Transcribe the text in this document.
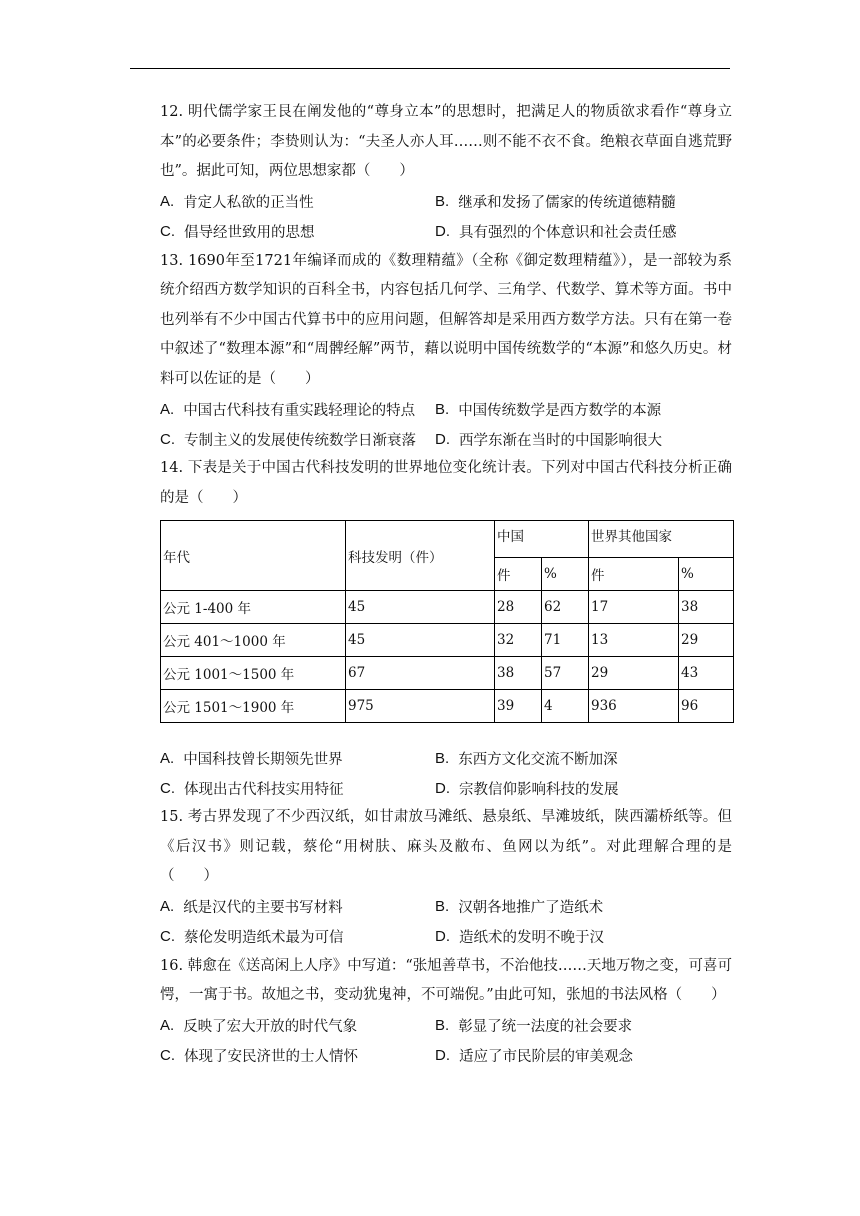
12. 明代儒学家王艮在阐发他的“尊身立本”的思想时，把满足人的物质欲求看作“尊身立本”的必要条件；李贽则认为：“夫圣人亦人耳……则不能不衣不食。绝粮衣草面自逃荒野也”。据此可知，两位思想家都（　　）

A. 肯定人私欲的正当性	B. 继承和发扬了儒家的传统道德精髓
C. 倡导经世致用的思想	D. 具有强烈的个体意识和社会责任感

13. 1690年至1721年编译而成的《数理精蕴》（全称《御定数理精蕴》），是一部较为系统介绍西方数学知识的百科全书，内容包括几何学、三角学、代数学、算术等方面。书中也列举有不少中国古代算书中的应用问题，但解答却是采用西方数学方法。只有在第一卷中叙述了“数理本源”和“周髀经解”两节，藉以说明中国传统数学的“本源”和悠久历史。材料可以佐证的是（　　）

A. 中国古代科技有重实践轻理论的特点 B. 中国传统数学是西方数学的本源
C. 专制主义的发展使传统数学日渐衰落 D. 西学东渐在当时的中国影响很大

14. 下表是关于中国古代科技发明的世界地位变化统计表。下列对中国古代科技分析正确的是（　　）

年代	科技发明（件）	中国		世界其他国家	
		件	%	件	%
公元 1-400 年	45	28	62	17	38
公元 401～1000 年	45	32	71	13	29
公元 1001～1500 年	67	38	57	29	43
公元 1501～1900 年	975	39	4	936	96
A. 中国科技曾长期领先世界	B. 东西方文化交流不断加深
C. 体现出古代科技实用特征	D. 宗教信仰影响科技的发展

15. 考古界发现了不少西汉纸，如甘肃放马滩纸、悬泉纸、旱滩坡纸，陕西灞桥纸等。但《后汉书》则记载，蔡伦“用树肤、麻头及敝布、鱼网以为纸”。对此理解合理的是（　　）

A. 纸是汉代的主要书写材料	B. 汉朝各地推广了造纸术
C. 蔡伦发明造纸术最为可信	D. 造纸术的发明不晚于汉

16. 韩愈在《送高闲上人序》中写道：“张旭善草书，不治他技……天地万物之变，可喜可愕，一寓于书。故旭之书，变动犹鬼神，不可端倪。”由此可知，张旭的书法风格（　　）

A. 反映了宏大开放的时代气象	B. 彰显了统一法度的社会要求
C. 体现了安民济世的士人情怀	D. 适应了市民阶层的审美观念
